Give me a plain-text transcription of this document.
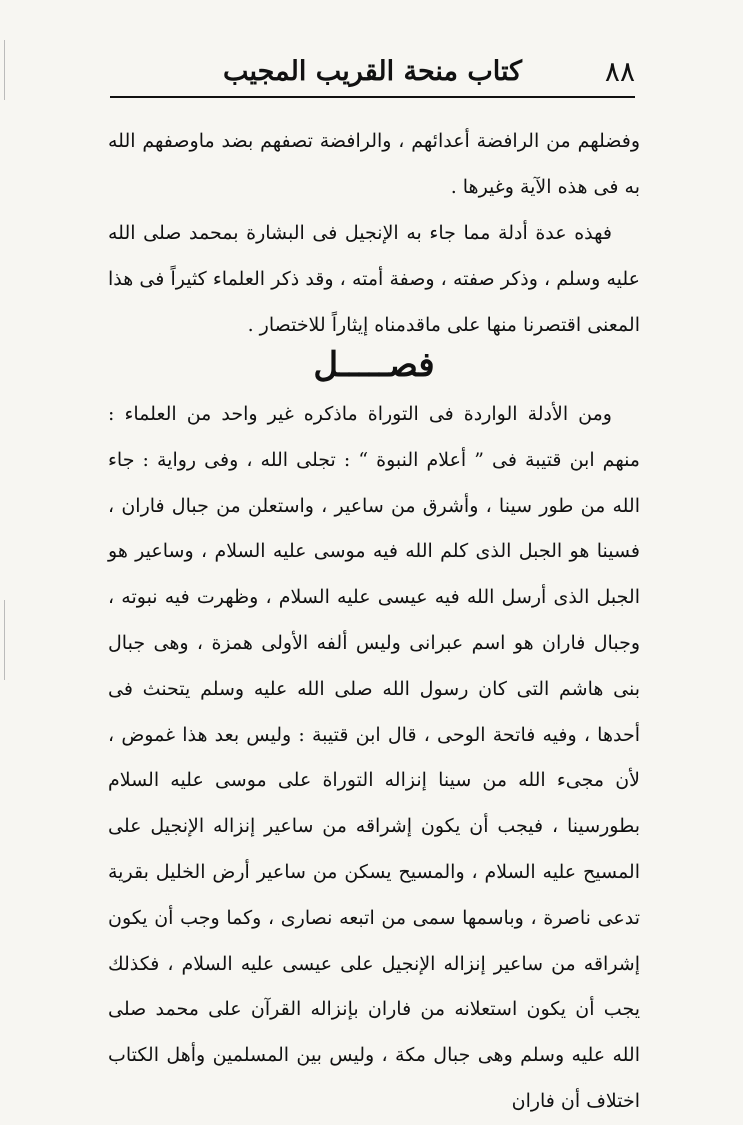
٨٨
كتاب منحة القريب المجيب

وفضلهم من الرافضة أعدائهم ، والرافضة تصفهم بضد ماوصفهم الله به فى هذه الآية وغيرها .

فهذه عدة أدلة مما جاء به الإنجيل فى البشارة بمحمد صلى الله عليه وسلم ، وذكر صفته ، وصفة أمته ، وقد ذكر العلماء كثيراً فى هذا المعنى اقتصرنا منها على ماقدمناه إيثاراً للاختصار .

فصـــــل

ومن الأدلة الواردة فى التوراة ماذكره غير واحد من العلماء : منهم ابن قتيبة فى ” أعلام النبوة “ : تجلى الله ، وفى رواية : جاء الله من طور سينا ، وأشرق من ساعير ، واستعلن من جبال فاران ، فسينا هو الجبل الذى كلم الله فيه موسى عليه السلام ، وساعير هو الجبل الذى أرسل الله فيه عيسى عليه السلام ، وظهرت فيه نبوته ، وجبال فاران هو اسم عبرانى وليس ألفه الأولى همزة ، وهى جبال بنى هاشم التى كان رسول الله صلى الله عليه وسلم يتحنث فى أحدها ، وفيه فاتحة الوحى ، قال ابن قتيبة : وليس بعد هذا غموض ، لأن مجىء الله من سينا إنزاله التوراة على موسى عليه السلام بطورسينا ، فيجب أن يكون إشراقه من ساعير إنزاله الإنجيل على المسيح عليه السلام ، والمسيح يسكن من ساعير أرض الخليل بقرية تدعى ناصرة ، وباسمها سمى من اتبعه نصارى ، وكما وجب أن يكون إشراقه من ساعير إنزاله الإنجيل على عيسى عليه السلام ، فكذلك يجب أن يكون استعلانه من فاران بإنزاله القرآن على محمد صلى الله عليه وسلم وهى جبال مكة ، وليس بين المسلمين وأهل الكتاب اختلاف أن فاران
